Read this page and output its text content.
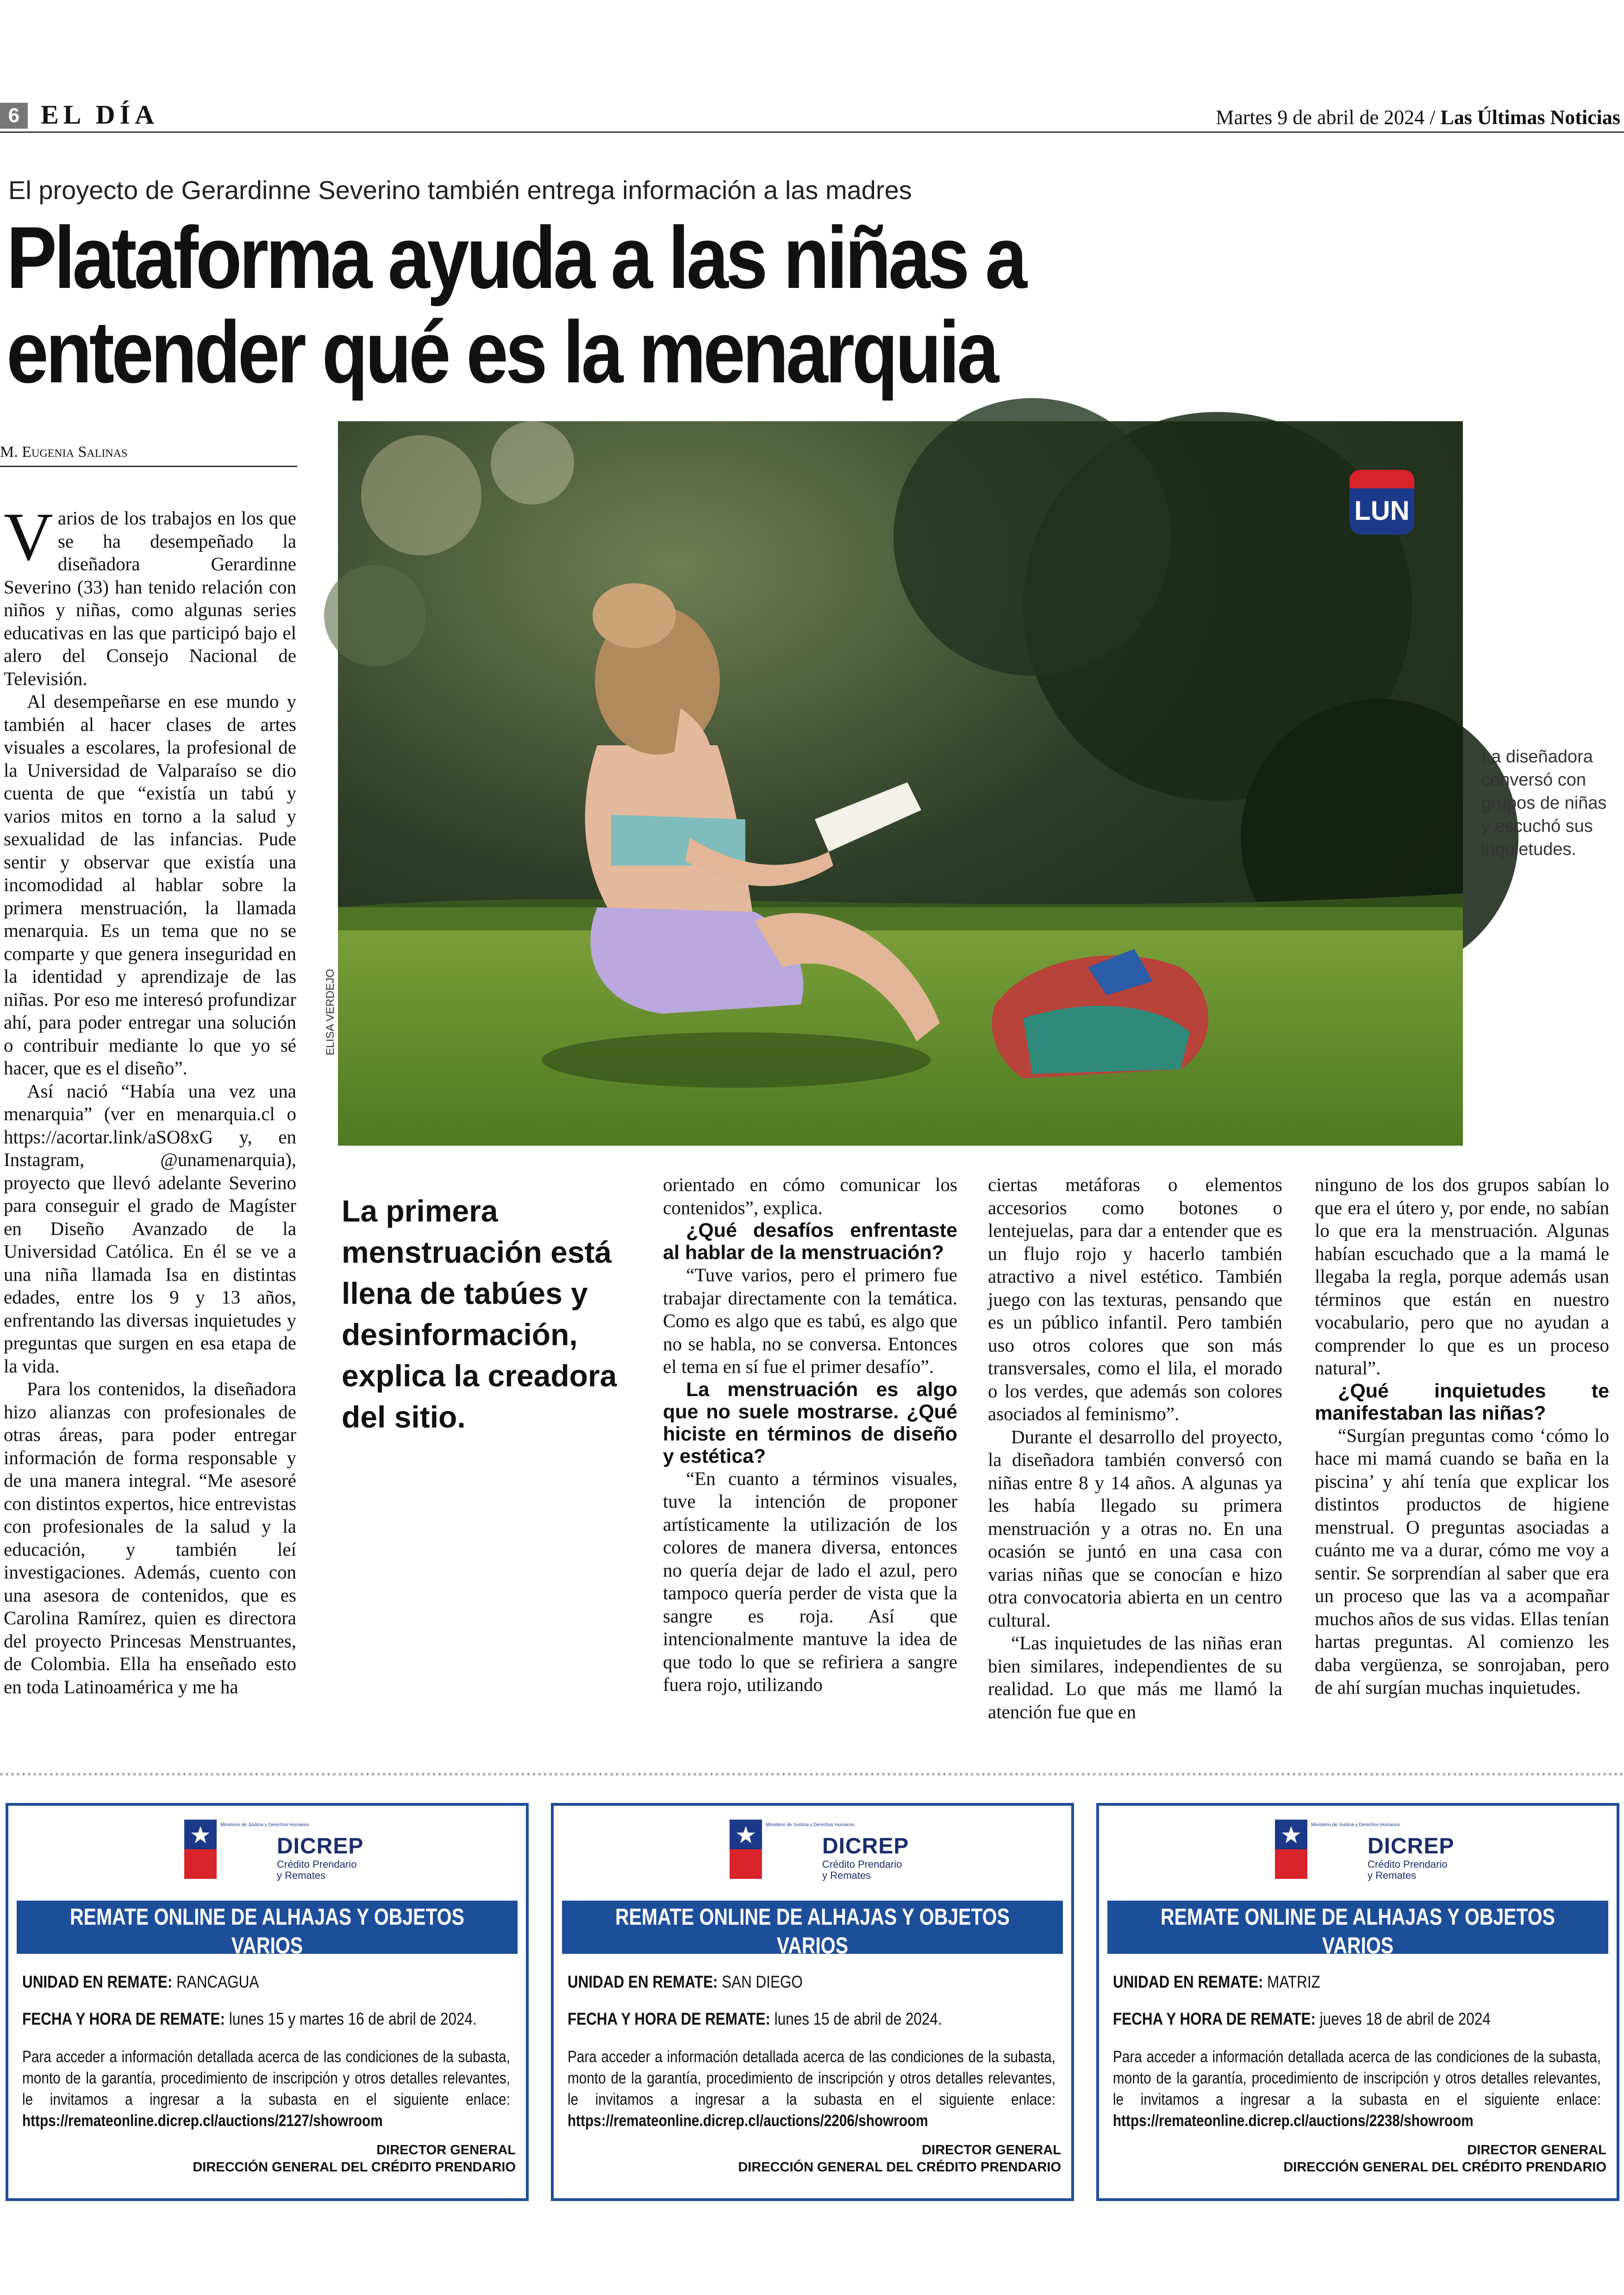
6 EL DÍA	Martes 9 de abril de 2024 / Las Últimas Noticias
El proyecto de Gerardinne Severino también entrega información a las madres
Plataforma ayuda a las niñas a
entender qué es la menarquia
M. Eugenia Salinas
LUN
ELISA VERDEJO
La diseñadora conversó con grupos de niñas y escuchó sus inquietudes.

Varios de los trabajos en los que se ha desempeñado la diseñadora Gerardinne Severino (33) han tenido relación con niños y niñas, como algunas series educativas en las que participó bajo el alero del Consejo Nacional de Televisión.

Al desempeñarse en ese mundo y también al hacer clases de artes visuales a escolares, la profesional de la Universidad de Valparaíso se dio cuenta de que “existía un tabú y varios mitos en torno a la salud y sexualidad de las infancias. Pude sentir y observar que existía una incomodidad al hablar sobre la primera menstruación, la llamada menarquia. Es un tema que no se comparte y que genera inseguridad en la identidad y aprendizaje de las niñas. Por eso me interesó profundizar ahí, para poder entregar una solución o contribuir mediante lo que yo sé hacer, que es el diseño”.

Así nació “Había una vez una menarquia” (ver en menarquia.cl o https://acortar.link/aSO8xG y, en Instagram, @unamenarquia), proyecto que llevó adelante Severino para conseguir el grado de Magíster en Diseño Avanzado de la Universidad Católica. En él se ve a una niña llamada Isa en distintas edades, entre los 9 y 13 años, enfrentando las diversas inquietudes y preguntas que surgen en esa etapa de la vida.

Para los contenidos, la diseñadora hizo alianzas con profesionales de otras áreas, para poder entregar información de forma responsable y de una manera integral. “Me asesoré con distintos expertos, hice entrevistas con profesionales de la salud y la educación, y también leí investigaciones. Además, cuento con una asesora de contenidos, que es Carolina Ramírez, quien es directora del proyecto Princesas Menstruantes, de Colombia. Ella ha enseñado esto en toda Latinoamérica y me ha

La primera menstruación está llena de tabúes y desinformación, explica la creadora del sitio.

orientado en cómo comunicar los contenidos”, explica.

¿Qué desafíos enfrentaste al hablar de la menstruación?

“Tuve varios, pero el primero fue trabajar directamente con la temática. Como es algo que es tabú, es algo que no se habla, no se conversa. Entonces el tema en sí fue el primer desafío”.

La menstruación es algo que no suele mostrarse. ¿Qué hiciste en términos de diseño y estética?

“En cuanto a términos visuales, tuve la intención de proponer artísticamente la utilización de los colores de manera diversa, entonces no quería dejar de lado el azul, pero tampoco quería perder de vista que la sangre es roja. Así que intencionalmente mantuve la idea de que todo lo que se refiriera a sangre fuera rojo, utilizando

ciertas metáforas o elementos accesorios como botones o lentejuelas, para dar a entender que es un flujo rojo y hacerlo también atractivo a nivel estético. También juego con las texturas, pensando que es un público infantil. Pero también uso otros colores que son más transversales, como el lila, el morado o los verdes, que además son colores asociados al feminismo”.

Durante el desarrollo del proyecto, la diseñadora también conversó con niñas entre 8 y 14 años. A algunas ya les había llegado su primera menstruación y a otras no. En una ocasión se juntó en una casa con varias niñas que se conocían e hizo otra convocatoria abierta en un centro cultural.

“Las inquietudes de las niñas eran bien similares, independientes de su realidad. Lo que más me llamó la atención fue que en

ninguno de los dos grupos sabían lo que era el útero y, por ende, no sabían lo que era la menstruación. Algunas habían escuchado que a la mamá le llegaba la regla, porque además usan términos que están en nuestro vocabulario, pero que no ayudan a comprender lo que es un proceso natural”.

¿Qué inquietudes te manifestaban las niñas?

“Surgían preguntas como ‘cómo lo hace mi mamá cuando se baña en la piscina’ y ahí tenía que explicar los distintos productos de higiene menstrual. O preguntas asociadas a cuánto me va a durar, cómo me voy a sentir. Se sorprendían al saber que era un proceso que las va a acompañar muchos años de sus vidas. Ellas tenían hartas preguntas. Al comienzo les daba vergüenza, se sonrojaban, pero de ahí surgían muchas inquietudes.

Ministerio de Justicia y Derechos Humanos
DICREP
Crédito Prendario
y Remates
REMATE ONLINE DE ALHAJAS Y OBJETOS VARIOS
DIRECCIÓN GENERAL DEL CRÉDITO PRENDARIO (DICREP)
UNIDAD EN REMATE: RANCAGUA
FECHA Y HORA DE REMATE: lunes 15 y martes 16 de abril de 2024.
Para acceder a información detallada acerca de las condiciones de la subasta, monto de la garantía, procedimiento de inscripción y otros detalles relevantes, le invitamos a ingresar a la subasta en el siguiente enlace: https://remateonline.dicrep.cl/auctions/2127/showroom
DIRECTOR GENERAL
DIRECCIÓN GENERAL DEL CRÉDITO PRENDARIO
Ministerio de Justicia y Derechos Humanos
DICREP
Crédito Prendario
y Remates
REMATE ONLINE DE ALHAJAS Y OBJETOS VARIOS
DIRECCIÓN GENERAL DEL CRÉDITO PRENDARIO (DICREP)
UNIDAD EN REMATE: SAN DIEGO
FECHA Y HORA DE REMATE: lunes 15 de abril de 2024.
Para acceder a información detallada acerca de las condiciones de la subasta, monto de la garantía, procedimiento de inscripción y otros detalles relevantes, le invitamos a ingresar a la subasta en el siguiente enlace: https://remateonline.dicrep.cl/auctions/2206/showroom
DIRECTOR GENERAL
DIRECCIÓN GENERAL DEL CRÉDITO PRENDARIO
Ministerio de Justicia y Derechos Humanos
DICREP
Crédito Prendario
y Remates
REMATE ONLINE DE ALHAJAS Y OBJETOS VARIOS
DIRECCIÓN GENERAL DEL CRÉDITO PRENDARIO (DICREP)
UNIDAD EN REMATE: MATRIZ
FECHA Y HORA DE REMATE: jueves 18 de abril de 2024
Para acceder a información detallada acerca de las condiciones de la subasta, monto de la garantía, procedimiento de inscripción y otros detalles relevantes, le invitamos a ingresar a la subasta en el siguiente enlace: https://remateonline.dicrep.cl/auctions/2238/showroom
DIRECTOR GENERAL
DIRECCIÓN GENERAL DEL CRÉDITO PRENDARIO
